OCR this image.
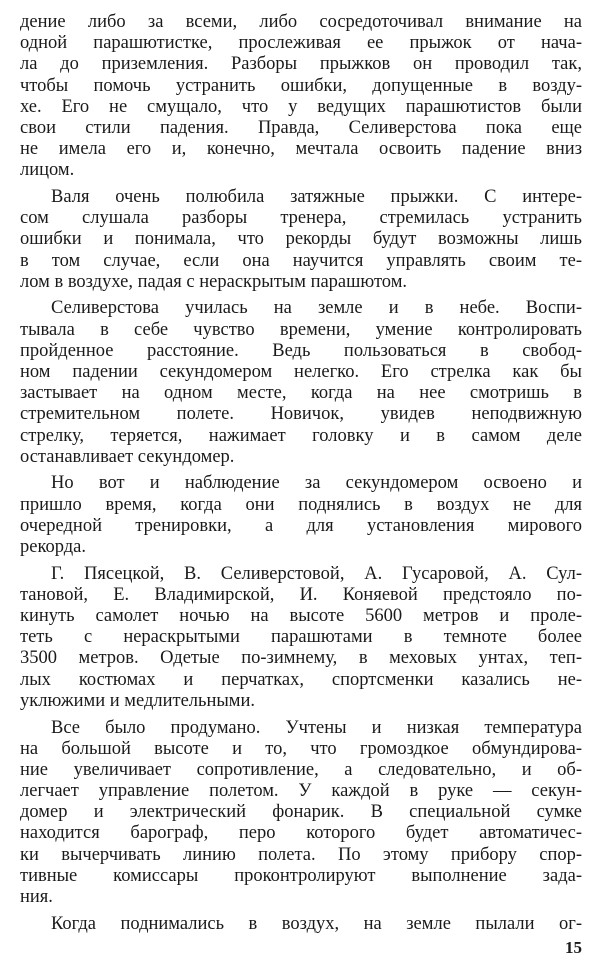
дение либо за всеми, либо сосредоточивал внимание на
одной парашютистке, прослеживая ее прыжок от нача-
ла до приземления. Разборы прыжков он проводил так,
чтобы помочь устранить ошибки, допущенные в возду-
хе. Его не смущало, что у ведущих парашютистов были
свои стили падения. Правда, Селиверстова пока еще
не имела его и, конечно, мечтала освоить падение вниз
лицом.
Валя очень полюбила затяжные прыжки. С интере-
сом слушала разборы тренера, стремилась устранить
ошибки и понимала, что рекорды будут возможны лишь
в том случае, если она научится управлять своим те-
лом в воздухе, падая с нераскрытым парашютом.
Селиверстова училась на земле и в небе. Воспи-
тывала в себе чувство времени, умение контролировать
пройденное расстояние. Ведь пользоваться в свобод-
ном падении секундомером нелегко. Его стрелка как бы
застывает на одном месте, когда на нее смотришь в
стремительном полете. Новичок, увидев неподвижную
стрелку, теряется, нажимает головку и в самом деле
останавливает секундомер.
Но вот и наблюдение за секундомером освоено и
пришло время, когда они поднялись в воздух не для
очередной тренировки, а для установления мирового
рекорда.
Г. Пясецкой, В. Селиверстовой, А. Гусаровой, А. Сул-
тановой, Е. Владимирской, И. Коняевой предстояло по-
кинуть самолет ночью на высоте 5600 метров и проле-
теть с нераскрытыми парашютами в темноте более
3500 метров. Одетые по-зимнему, в меховых унтах, теп-
лых костюмах и перчатках, спортсменки казались не-
уклюжими и медлительными.
Все было продумано. Учтены и низкая температура
на большой высоте и то, что громоздкое обмундирова-
ние увеличивает сопротивление, а следовательно, и об-
легчает управление полетом. У каждой в руке — секун-
домер и электрический фонарик. В специальной сумке
находится барограф, перо которого будет автоматичес-
ки вычерчивать линию полета. По этому прибору спор-
тивные комиссары проконтролируют выполнение зада-
ния.
Когда поднимались в воздух, на земле пылали ог-
15
